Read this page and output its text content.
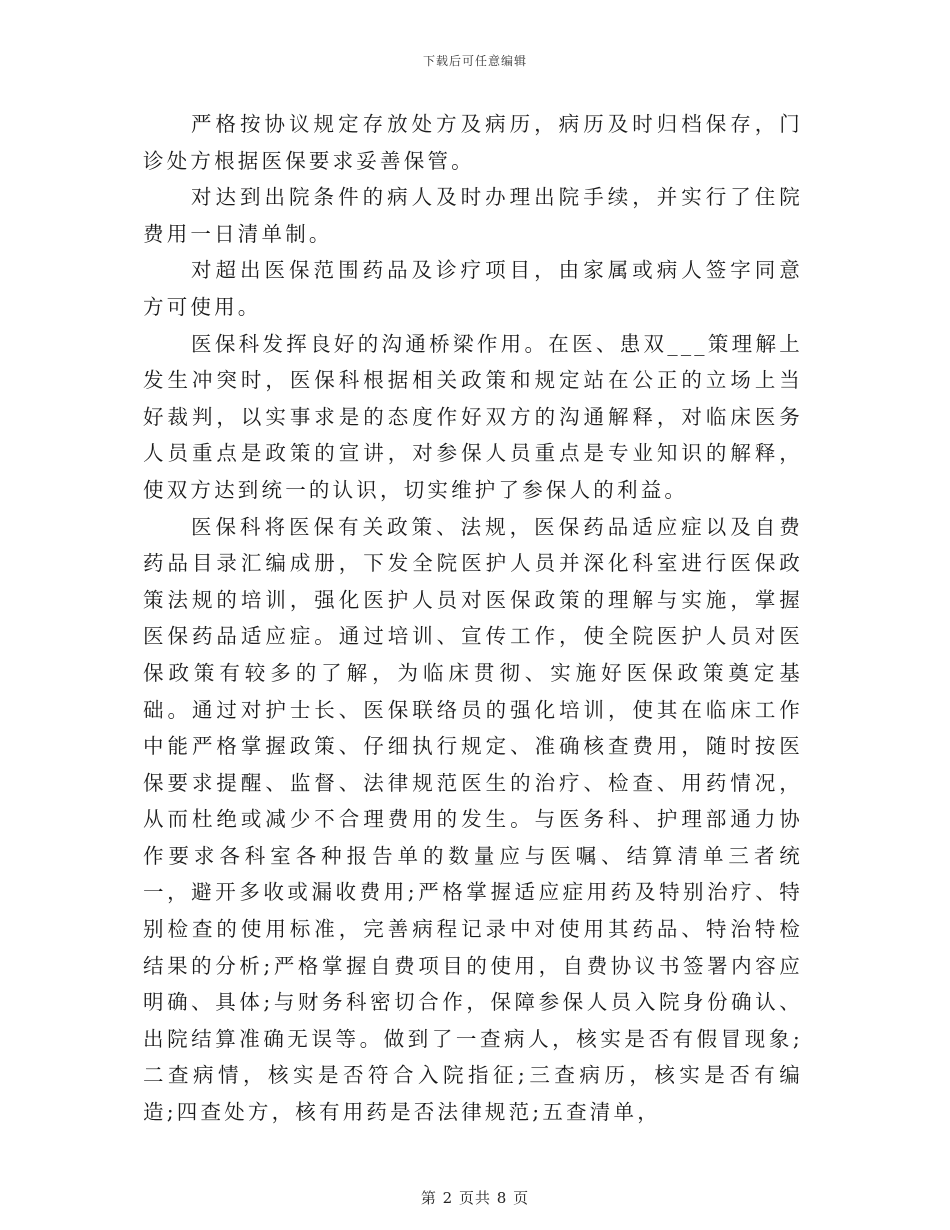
下载后可任意编辑

严格按协议规定存放处方及病历，病历及时归档保存，门诊处方根据医保要求妥善保管。

对达到出院条件的病人及时办理出院手续，并实行了住院费用一日清单制。

对超出医保范围药品及诊疗项目，由家属或病人签字同意方可使用。

医保科发挥良好的沟通桥梁作用。在医、患双___策理解上发生冲突时，医保科根据相关政策和规定站在公正的立场上当好裁判，以实事求是的态度作好双方的沟通解释，对临床医务人员重点是政策的宣讲，对参保人员重点是专业知识的解释，使双方达到统一的认识，切实维护了参保人的利益。

医保科将医保有关政策、法规，医保药品适应症以及自费药品目录汇编成册，下发全院医护人员并深化科室进行医保政策法规的培训，强化医护人员对医保政策的理解与实施，掌握医保药品适应症。通过培训、宣传工作，使全院医护人员对医保政策有较多的了解，为临床贯彻、实施好医保政策奠定基础。通过对护士长、医保联络员的强化培训，使其在临床工作中能严格掌握政策、仔细执行规定、准确核查费用，随时按医保要求提醒、监督、法律规范医生的治疗、检查、用药情况，从而杜绝或减少不合理费用的发生。与医务科、护理部通力协作要求各科室各种报告单的数量应与医嘱、结算清单三者统一，避开多收或漏收费用;严格掌握适应症用药及特别治疗、特别检查的使用标准，完善病程记录中对使用其药品、特治特检结果的分析;严格掌握自费项目的使用，自费协议书签署内容应明确、具体;与财务科密切合作，保障参保人员入院身份确认、出院结算准确无误等。做到了一查病人，核实是否有假冒现象;二查病情，核实是否符合入院指征;三查病历，核实是否有编造;四查处方，核有用药是否法律规范;五查清单，

第 2 页共 8 页
